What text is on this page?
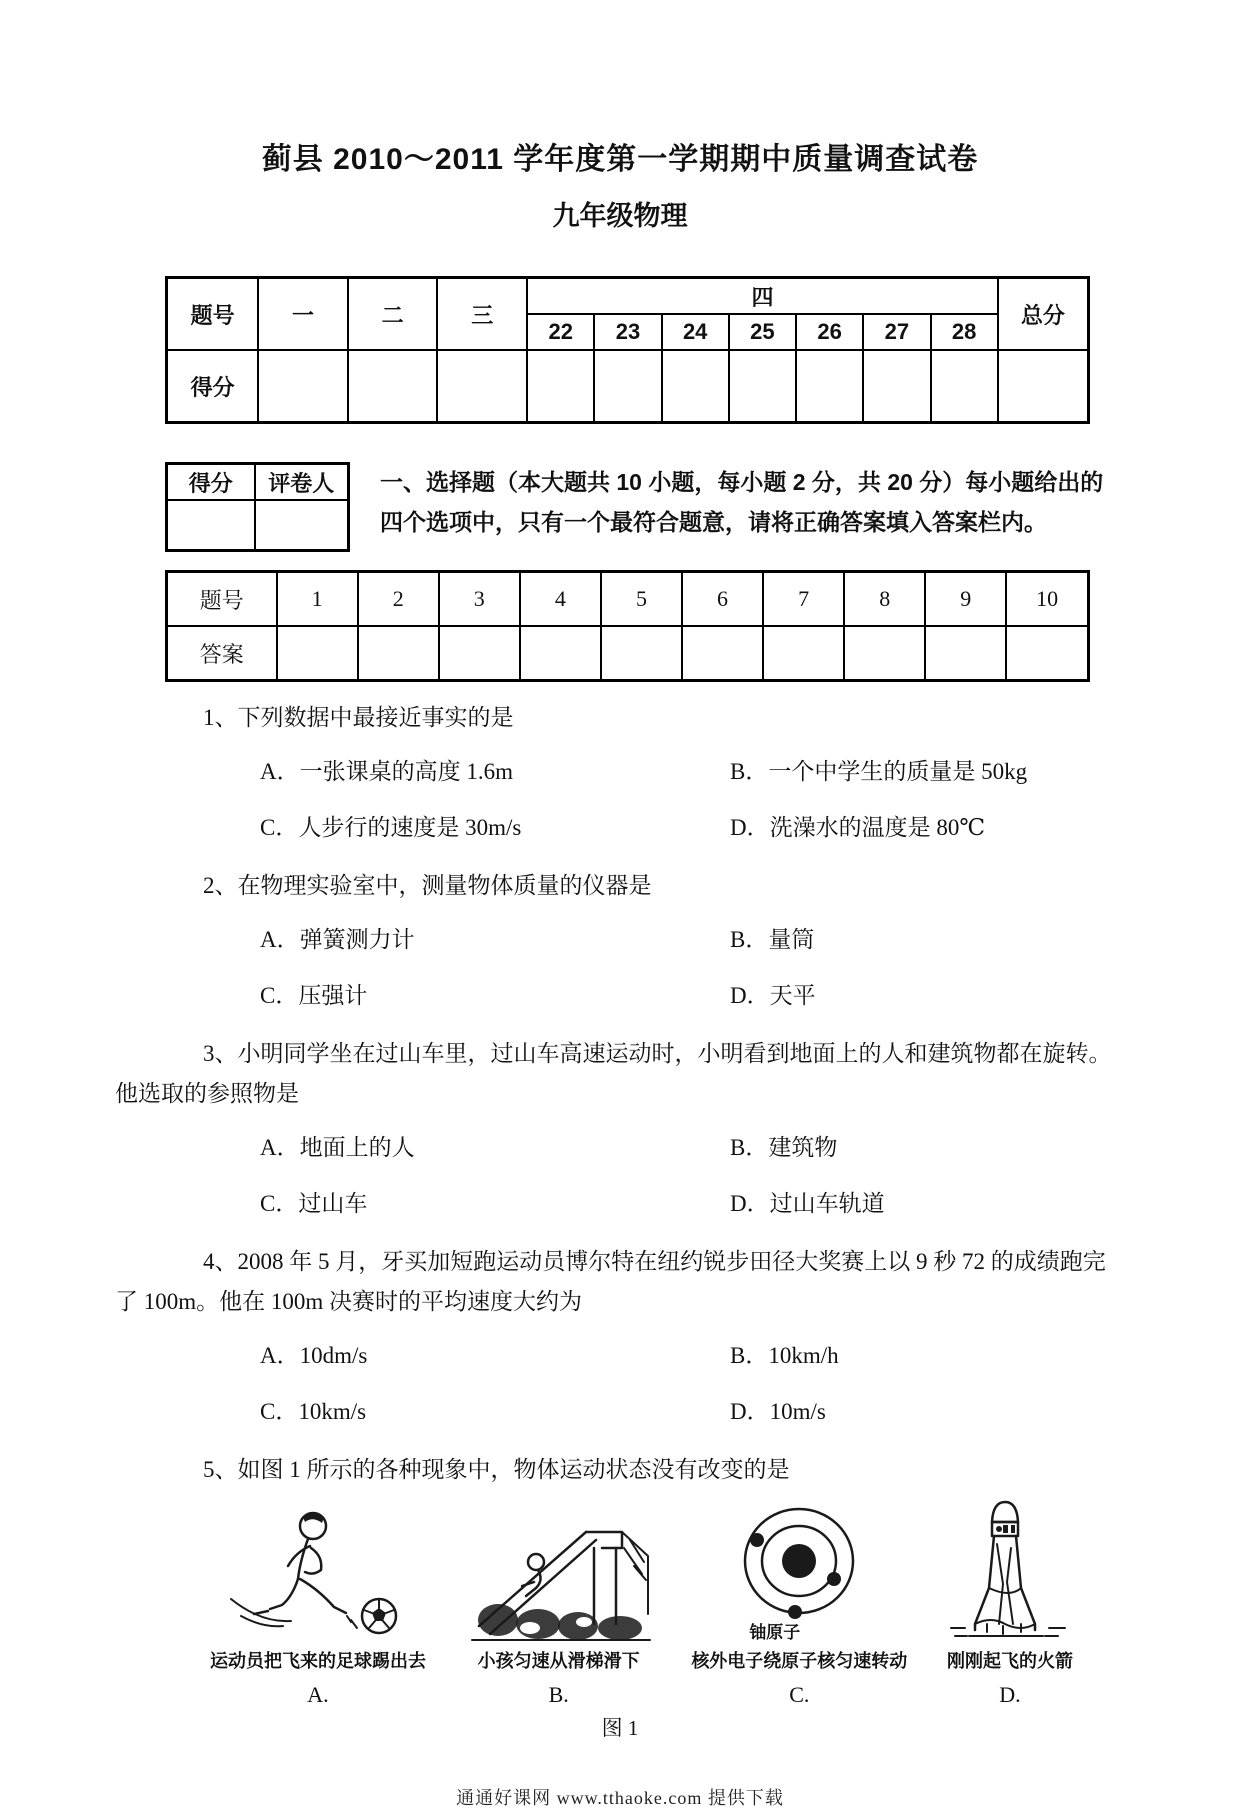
蓟县 2010～2011 学年度第一学期期中质量调查试卷
九年级物理
题号	一	二	三	四							总分
				22	23	24	25	26	27	28	
得分											
得分	评卷人
	一、选择题（本大题共 10 小题，每小题 2 分，共 20 分）每小题给出的四个选项中，只有一个最符合题意，请将正确答案填入答案栏内。
题号	1	2	3	4	5	6	7	8	9	10
答案										
1、下列数据中最接近事实的是
A．一张课桌的高度 1.6m	B．一个中学生的质量是 50kg
C．人步行的速度是 30m/s	D．洗澡水的温度是 80℃
2、在物理实验室中，测量物体质量的仪器是
A．弹簧测力计	B．量筒
C．压强计	D．天平
3、小明同学坐在过山车里，过山车高速运动时，小明看到地面上的人和建筑物都在旋转。他选取的参照物是
A．地面上的人	B．建筑物
C．过山车	D．过山车轨道
4、2008 年 5 月，牙买加短跑运动员博尔特在纽约锐步田径大奖赛上以 9 秒 72 的成绩跑完了 100m。他在 100m 决赛时的平均速度大约为
A．10dm/s	B．10km/h
C．10km/s	D．10m/s
5、如图 1 所示的各种现象中，物体运动状态没有改变的是
运动员把飞来的足球踢出去
A.
小孩匀速从滑梯滑下
B.
铀原子
核外电子绕原子核匀速转动
C.
刚刚起飞的火箭
D.
图 1
通通好课网 www.tthaoke.com 提供下载
